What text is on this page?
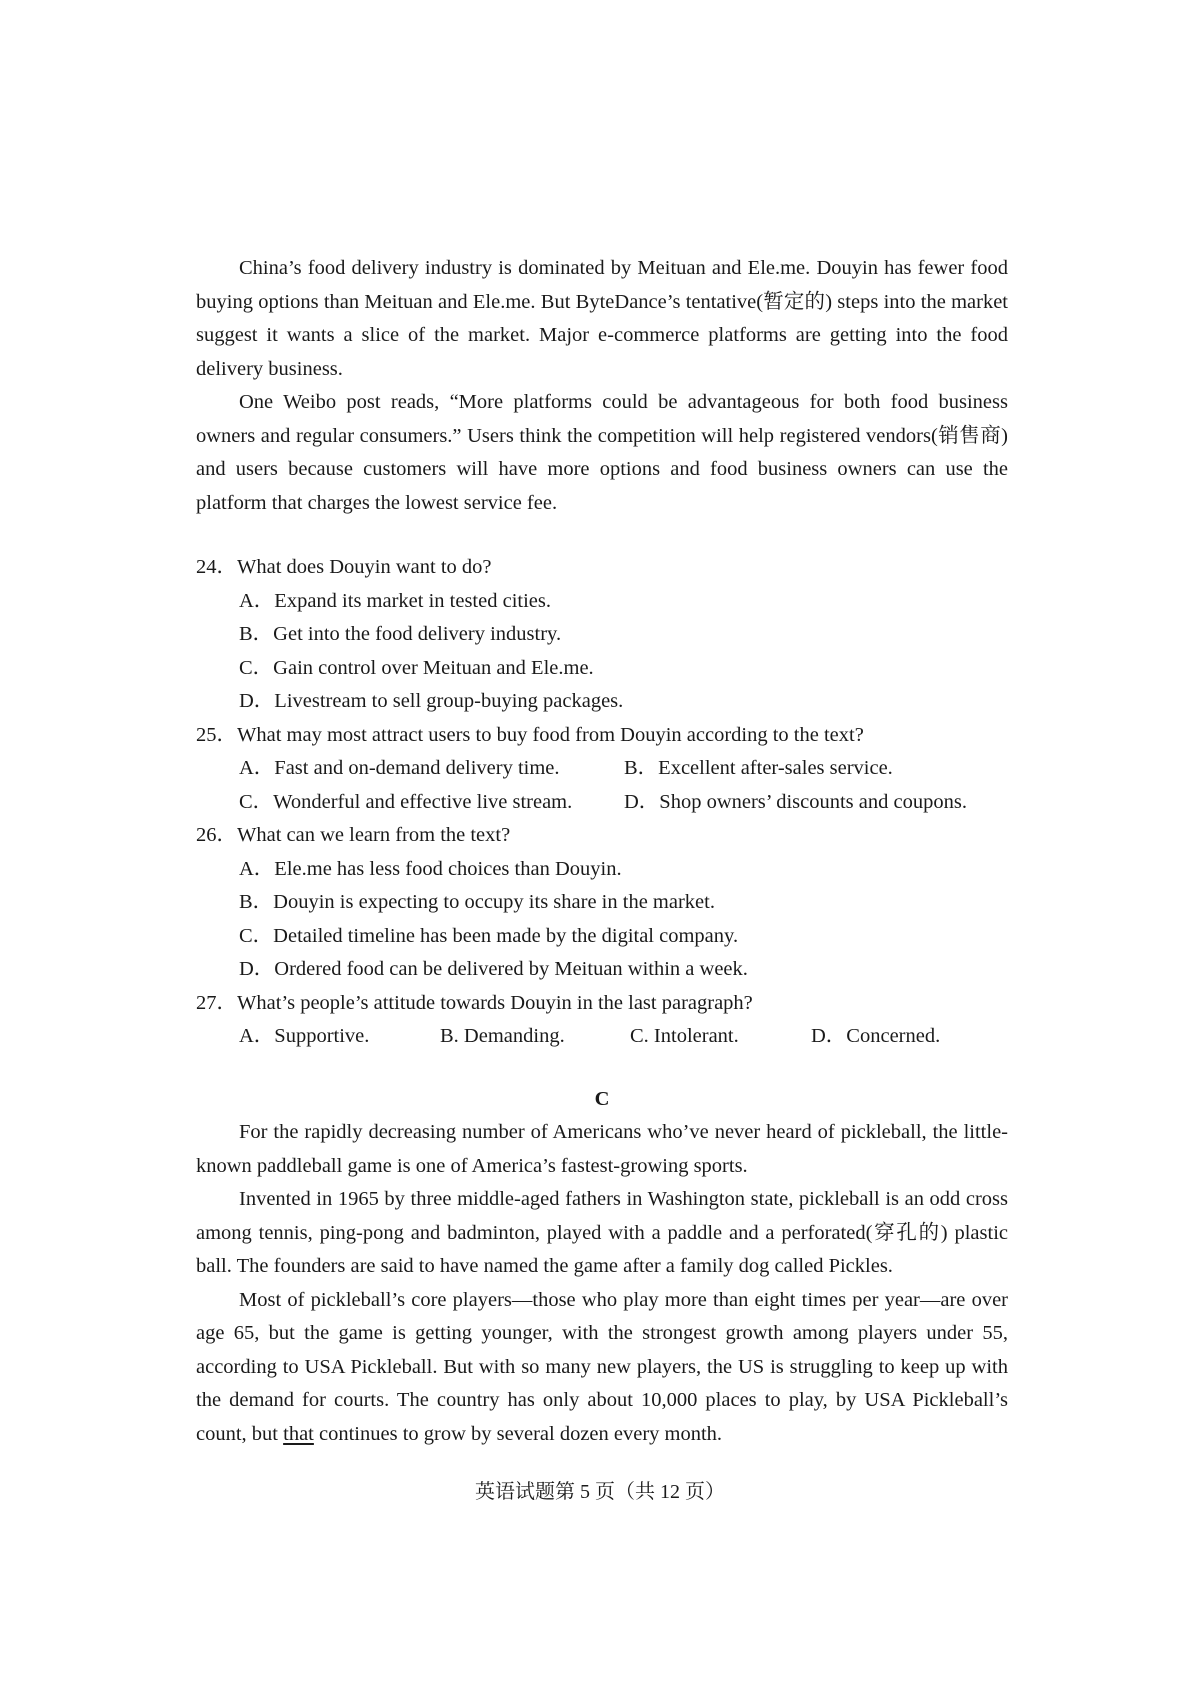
China’s food delivery industry is dominated by Meituan and Ele.me. Douyin has fewer food buying options than Meituan and Ele.me. But ByteDance’s tentative(暂定的) steps into the market suggest it wants a slice of the market. Major e-commerce platforms are getting into the food delivery business.

One Weibo post reads, “More platforms could be advantageous for both food business owners and regular consumers.” Users think the competition will help registered vendors(销售商) and users because customers will have more options and food business owners can use the platform that charges the lowest service fee.

24．What does Douyin want to do?
A．Expand its market in tested cities.
B．Get into the food delivery industry.
C．Gain control over Meituan and Ele.me.
D．Livestream to sell group-buying packages.
25．What may most attract users to buy food from Douyin according to the text?
A．Fast and on-demand delivery time.	B．Excellent after-sales service.
C．Wonderful and effective live stream.	D．Shop owners’ discounts and coupons.
26．What can we learn from the text?
A．Ele.me has less food choices than Douyin.
B．Douyin is expecting to occupy its share in the market.
C．Detailed timeline has been made by the digital company.
D．Ordered food can be delivered by Meituan within a week.
27．What’s people’s attitude towards Douyin in the last paragraph?
A．Supportive.	B. Demanding.	C. Intolerant.	D．Concerned.
C

For the rapidly decreasing number of Americans who’ve never heard of pickleball, the little-known paddleball game is one of America’s fastest-growing sports.

Invented in 1965 by three middle-aged fathers in Washington state, pickleball is an odd cross among tennis, ping-pong and badminton, played with a paddle and a perforated(穿孔的) plastic ball. The founders are said to have named the game after a family dog called Pickles.

Most of pickleball’s core players—those who play more than eight times per year—are over age 65, but the game is getting younger, with the strongest growth among players under 55, according to USA Pickleball. But with so many new players, the US is struggling to keep up with the demand for courts. The country has only about 10,000 places to play, by USA Pickleball’s count, but that continues to grow by several dozen every month.

英语试题第 5 页（共 12 页）
